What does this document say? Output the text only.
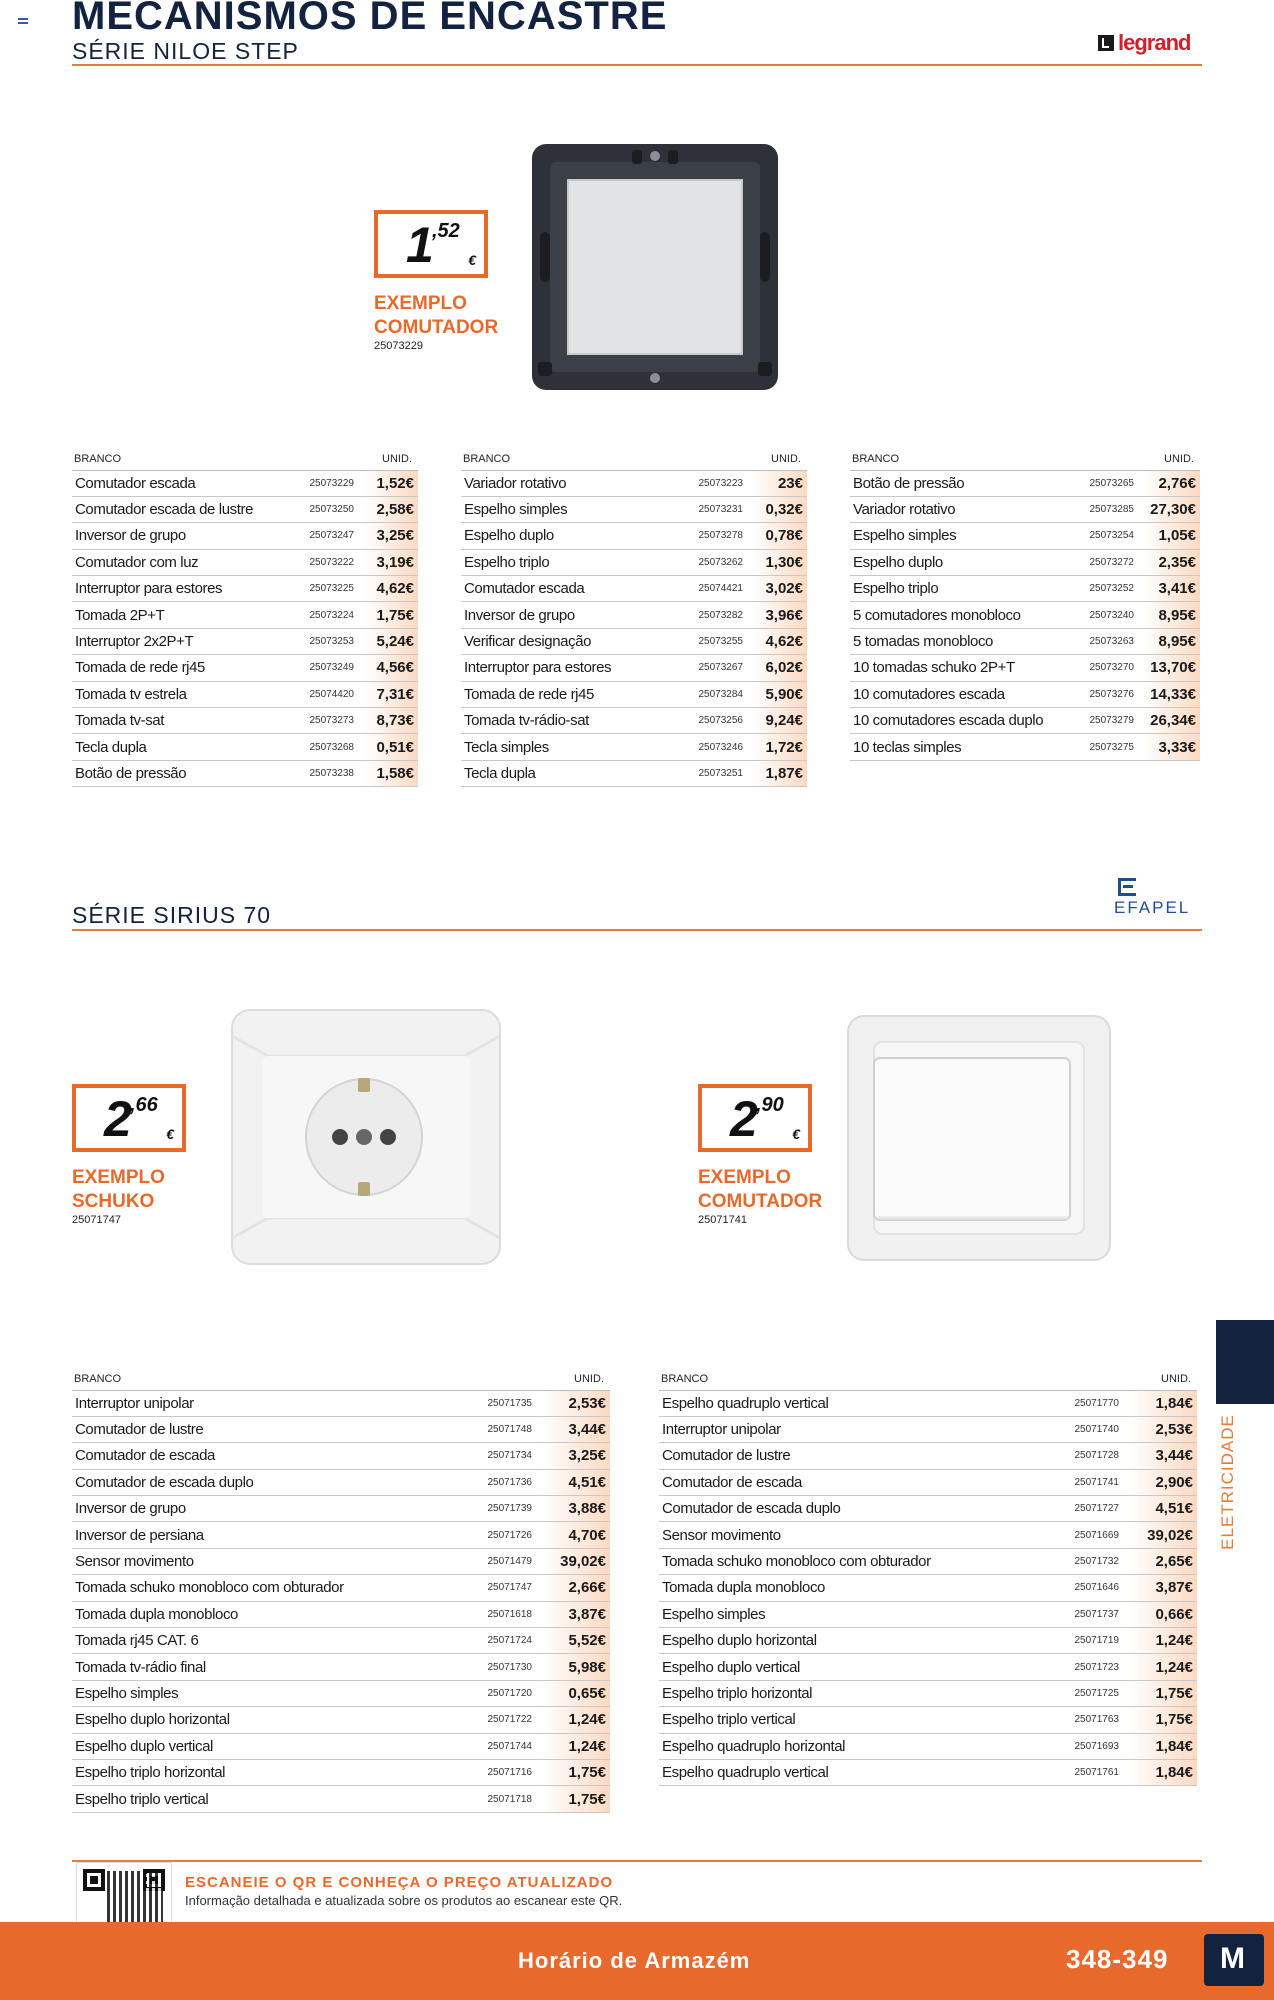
MECANISMOS DE ENCASTRE
SÉRIE NILOE STEP	legrand
1 ,52
€
EXEMPLO
COMUTADOR
25073229
BRANCO		UNID.
Comutador escada	25073229	1,52€
Comutador escada de lustre	25073250	2,58€
Inversor de grupo	25073247	3,25€
Comutador com luz	25073222	3,19€
Interruptor para estores	25073225	4,62€
Tomada 2P+T	25073224	1,75€
Interruptor 2x2P+T	25073253	5,24€
Tomada de rede rj45	25073249	4,56€
Tomada tv estrela	25074420	7,31€
Tomada tv-sat	25073273	8,73€
Tecla dupla	25073268	0,51€
Botão de pressão	25073238	1,58€
BRANCO		UNID.
Variador rotativo	25073223	23€
Espelho simples	25073231	0,32€
Espelho duplo	25073278	0,78€
Espelho triplo	25073262	1,30€
Comutador escada	25074421	3,02€
Inversor de grupo	25073282	3,96€
Verificar designação	25073255	4,62€
Interruptor para estores	25073267	6,02€
Tomada de rede rj45	25073284	5,90€
Tomada tv-rádio-sat	25073256	9,24€
Tecla simples	25073246	1,72€
Tecla dupla	25073251	1,87€
BRANCO		UNID.
Botão de pressão	25073265	2,76€
Variador rotativo	25073285	27,30€
Espelho simples	25073254	1,05€
Espelho duplo	25073272	2,35€
Espelho triplo	25073252	3,41€
5 comutadores monobloco	25073240	8,95€
5 tomadas monobloco	25073263	8,95€
10 tomadas schuko 2P+T	25073270	13,70€
10 comutadores escada	25073276	14,33€
10 comutadores escada duplo	25073279	26,34€
10 teclas simples	25073275	3,33€
SÉRIE SIRIUS 70	EFAPEL
2 ,66
€
EXEMPLO
SCHUKO
25071747
2 ,90
€
EXEMPLO
COMUTADOR
25071741
BRANCO		UNID.
Interruptor unipolar	25071735	2,53€
Comutador de lustre	25071748	3,44€
Comutador de escada	25071734	3,25€
Comutador de escada duplo	25071736	4,51€
Inversor de grupo	25071739	3,88€
Inversor de persiana	25071726	4,70€
Sensor movimento	25071479	39,02€
Tomada schuko monobloco com obturador	25071747	2,66€
Tomada dupla monobloco	25071618	3,87€
Tomada rj45 CAT. 6	25071724	5,52€
Tomada tv-rádio final	25071730	5,98€
Espelho simples	25071720	0,65€
Espelho duplo horizontal	25071722	1,24€
Espelho duplo vertical	25071744	1,24€
Espelho triplo horizontal	25071716	1,75€
Espelho triplo vertical	25071718	1,75€
BRANCO		UNID.
Espelho quadruplo vertical	25071770	1,84€
Interruptor unipolar	25071740	2,53€
Comutador de lustre	25071728	3,44€
Comutador de escada	25071741	2,90€
Comutador de escada duplo	25071727	4,51€
Sensor movimento	25071669	39,02€
Tomada schuko monobloco com obturador	25071732	2,65€
Tomada dupla monobloco	25071646	3,87€
Espelho simples	25071737	0,66€
Espelho duplo horizontal	25071719	1,24€
Espelho duplo vertical	25071723	1,24€
Espelho triplo horizontal	25071725	1,75€
Espelho triplo vertical	25071763	1,75€
Espelho quadruplo horizontal	25071693	1,84€
Espelho quadruplo vertical	25071761	1,84€
ELETRICIDADE
ESCANEIE O QR E CONHEÇA O PREÇO ATUALIZADO
Informação detalhada e atualizada sobre os produtos ao escanear este QR.
Horário de Armazém	348-349 M
